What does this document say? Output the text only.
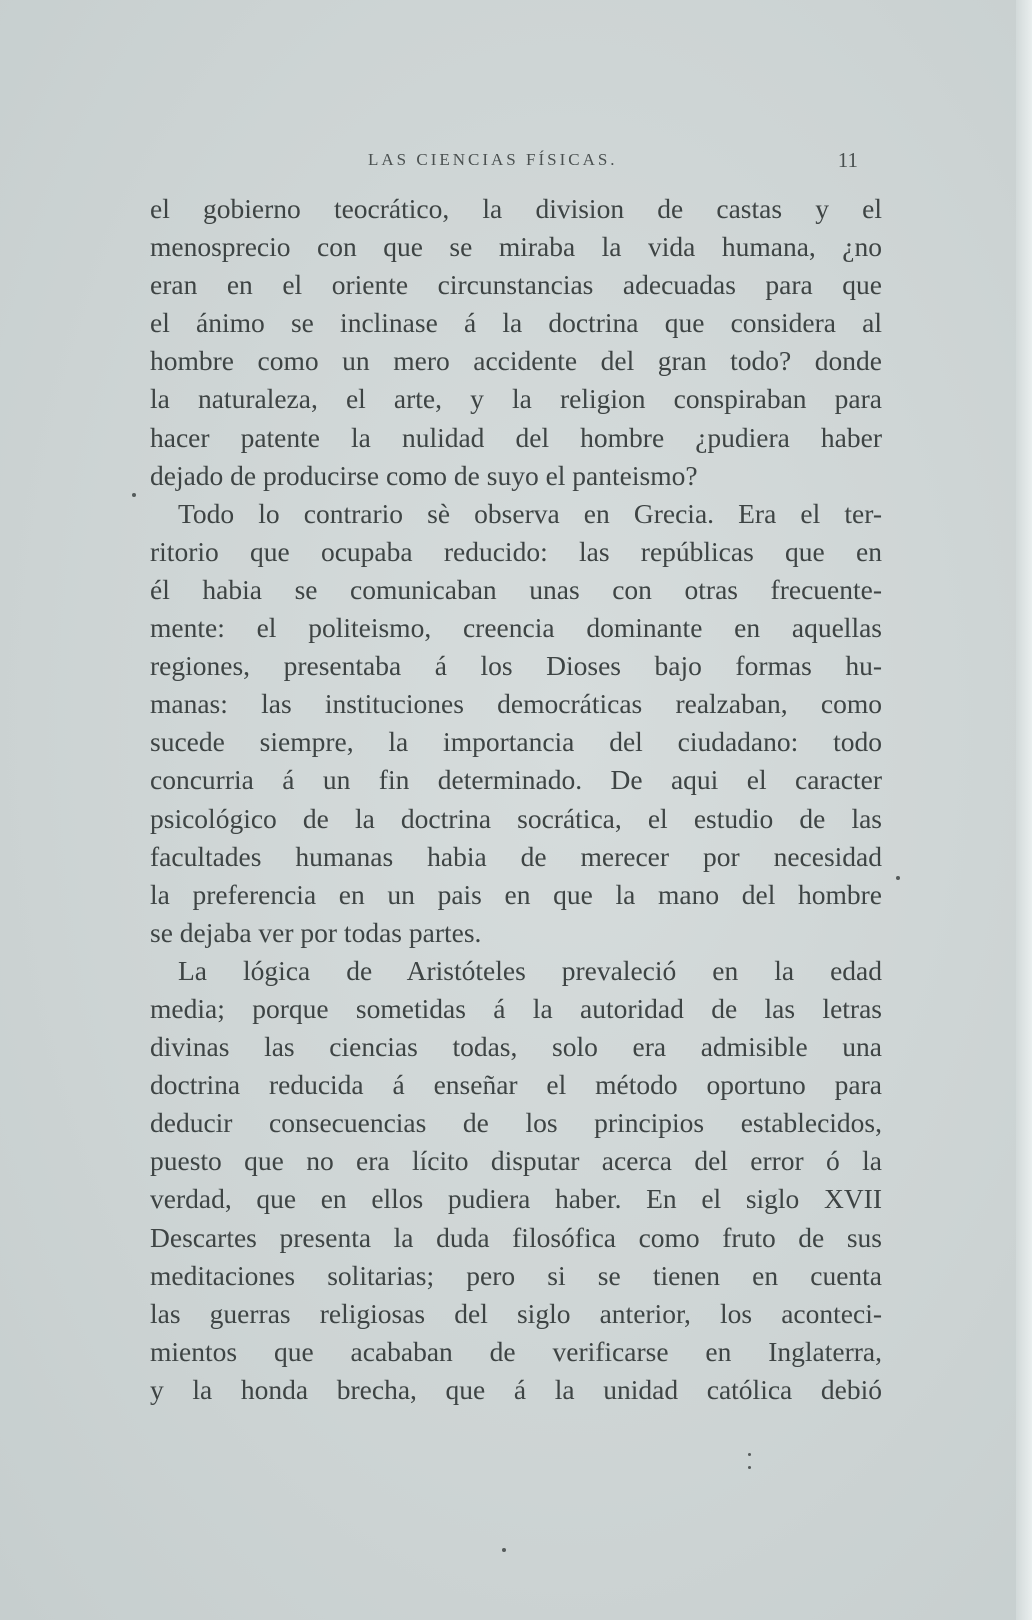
LAS CIENCIAS FÍSICAS.	11
el gobierno teocrático, la division de castas y el
menosprecio con que se miraba la vida humana, ¿no
eran en el oriente circunstancias adecuadas para que
el ánimo se inclinase á la doctrina que considera al
hombre como un mero accidente del gran todo? donde
la naturaleza, el arte, y la religion conspiraban para
hacer patente la nulidad del hombre ¿pudiera haber
dejado de producirse como de suyo el panteismo?
Todo lo contrario sè observa en Grecia. Era el ter-
ritorio que ocupaba reducido: las repúblicas que en
él habia se comunicaban unas con otras frecuente-
mente: el politeismo, creencia dominante en aquellas
regiones, presentaba á los Dioses bajo formas hu-
manas: las instituciones democráticas realzaban, como
sucede siempre, la importancia del ciudadano: todo
concurria á un fin determinado. De aqui el caracter
psicológico de la doctrina socrática, el estudio de las
facultades humanas habia de merecer por necesidad
la preferencia en un pais en que la mano del hombre
se dejaba ver por todas partes.
La lógica de Aristóteles prevaleció en la edad
media; porque sometidas á la autoridad de las letras
divinas las ciencias todas, solo era admisible una
doctrina reducida á enseñar el método oportuno para
deducir consecuencias de los principios establecidos,
puesto que no era lícito disputar acerca del error ó la
verdad, que en ellos pudiera haber. En el siglo XVII
Descartes presenta la duda filosófica como fruto de sus
meditaciones solitarias; pero si se tienen en cuenta
las guerras religiosas del siglo anterior, los aconteci-
mientos que acababan de verificarse en Inglaterra,
y la honda brecha, que á la unidad católica debió
